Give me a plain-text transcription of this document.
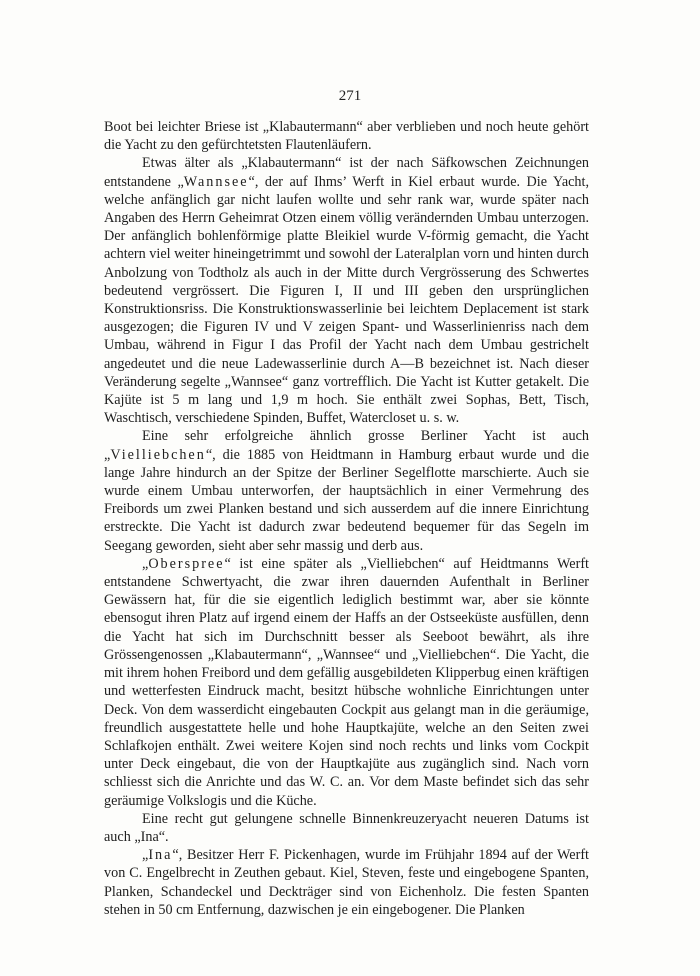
271

Boot bei leichter Briese ist „Klabautermann“ aber verblieben und noch heute gehört die Yacht zu den gefürchtetsten Flautenläufern.

Etwas älter als „Klabautermann“ ist der nach Säfkowschen Zeichnungen entstandene „Wannsee“, der auf Ihms’ Werft in Kiel erbaut wurde. Die Yacht, welche anfänglich gar nicht laufen wollte und sehr rank war, wurde später nach Angaben des Herrn Geheimrat Otzen einem völlig verändernden Umbau unterzogen. Der anfänglich bohlenförmige platte Bleikiel wurde V-förmig gemacht, die Yacht achtern viel weiter hineingetrimmt und sowohl der Lateralplan vorn und hinten durch Anbolzung von Todtholz als auch in der Mitte durch Vergrösserung des Schwertes bedeutend vergrössert. Die Figuren I, II und III geben den ursprünglichen Konstruktionsriss. Die Konstruktionswasserlinie bei leichtem Deplacement ist stark ausgezogen; die Figuren IV und V zeigen Spant- und Wasserlinienriss nach dem Umbau, während in Figur I das Profil der Yacht nach dem Umbau gestrichelt angedeutet und die neue Ladewasserlinie durch A—B bezeichnet ist. Nach dieser Veränderung segelte „Wannsee“ ganz vortrefflich. Die Yacht ist Kutter getakelt. Die Kajüte ist 5 m lang und 1,9 m hoch. Sie enthält zwei Sophas, Bett, Tisch, Waschtisch, verschiedene Spinden, Buffet, Watercloset u. s. w.

Eine sehr erfolgreiche ähnlich grosse Berliner Yacht ist auch „Vielliebchen“, die 1885 von Heidtmann in Hamburg erbaut wurde und die lange Jahre hindurch an der Spitze der Berliner Segelflotte marschierte. Auch sie wurde einem Umbau unterworfen, der hauptsächlich in einer Vermehrung des Freibords um zwei Planken bestand und sich ausserdem auf die innere Einrichtung erstreckte. Die Yacht ist dadurch zwar bedeutend bequemer für das Segeln im Seegang geworden, sieht aber sehr massig und derb aus.

„Oberspree“ ist eine später als „Vielliebchen“ auf Heidtmanns Werft entstandene Schwertyacht, die zwar ihren dauernden Aufenthalt in Berliner Gewässern hat, für die sie eigentlich lediglich bestimmt war, aber sie könnte ebensogut ihren Platz auf irgend einem der Haffs an der Ostseeküste ausfüllen, denn die Yacht hat sich im Durchschnitt besser als Seeboot bewährt, als ihre Grössengenossen „Klabautermann“, „Wannsee“ und „Vielliebchen“. Die Yacht, die mit ihrem hohen Freibord und dem gefällig ausgebildeten Klipperbug einen kräftigen und wetterfesten Eindruck macht, besitzt hübsche wohnliche Einrichtungen unter Deck. Von dem wasserdicht eingebauten Cockpit aus gelangt man in die geräumige, freundlich ausgestattete helle und hohe Hauptkajüte, welche an den Seiten zwei Schlafkojen enthält. Zwei weitere Kojen sind noch rechts und links vom Cockpit unter Deck eingebaut, die von der Hauptkajüte aus zugänglich sind. Nach vorn schliesst sich die Anrichte und das W. C. an. Vor dem Maste befindet sich das sehr geräumige Volkslogis und die Küche.

Eine recht gut gelungene schnelle Binnenkreuzeryacht neueren Datums ist auch „Ina“.

„Ina“, Besitzer Herr F. Pickenhagen, wurde im Frühjahr 1894 auf der Werft von C. Engelbrecht in Zeuthen gebaut. Kiel, Steven, feste und eingebogene Spanten, Planken, Schandeckel und Deckträger sind von Eichenholz. Die festen Spanten stehen in 50 cm Entfernung, dazwischen je ein eingebogener. Die Planken
